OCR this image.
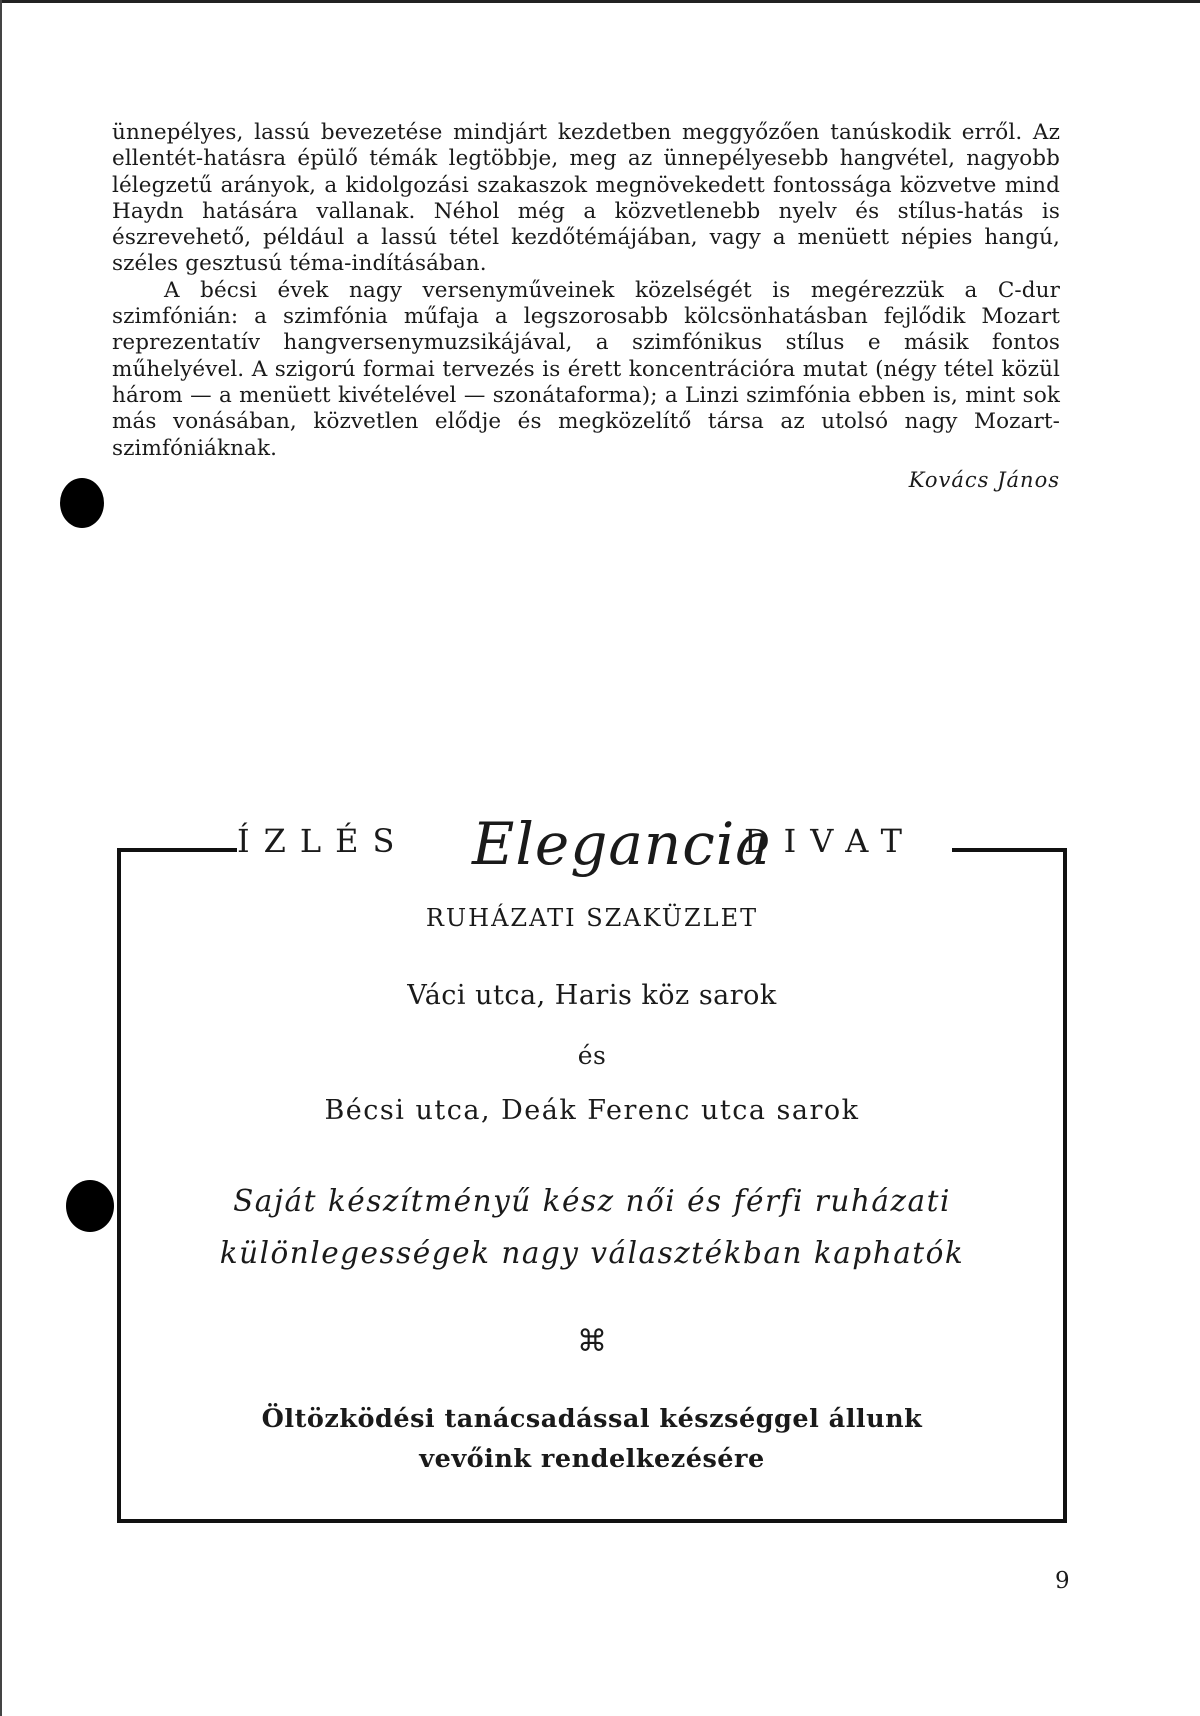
ünnepélyes, lassú bevezetése mindjárt kezdetben meggyőzően tanúskodik erről. Az ellentét-hatásra épülő témák legtöbbje, meg az ünnepélyesebb hangvétel, nagyobb lélegzetű arányok, a kidolgozási szakaszok megnövekedett fontossága közvetve mind Haydn hatására vallanak. Néhol még a közvetlenebb nyelv és stílus-hatás is észrevehető, például a lassú tétel kezdőtémájában, vagy a menüett népies hangú, széles gesztusú téma-indításában.

A bécsi évek nagy versenyműveinek közelségét is megérezzük a C-dur szimfónián: a szimfónia műfaja a legszorosabb kölcsönhatásban fejlődik Mozart reprezentatív hangversenymuzsikájával, a szimfónikus stílus e másik fontos műhelyével. A szigorú formai tervezés is érett koncentrációra mutat (négy tétel közül három — a menüett kivételével — szonátaforma); a Linzi szimfónia ebben is, mint sok más vonásában, közvetlen elődje és megközelítő társa az utolsó nagy Mozart-szimfóniáknak.

Kovács János
RUHÁZATI SZAKÜZLET
Váci utca, Haris köz sarok
és
Bécsi utca, Deák Ferenc utca sarok
Saját készítményű kész női és férfi ruházati
különlegességek nagy választékban kaphatók
⌘
Öltözködési tanácsadással készséggel állunk
vevőink rendelkezésére
ÍZLÉS Elegancia
DIVAT
9
